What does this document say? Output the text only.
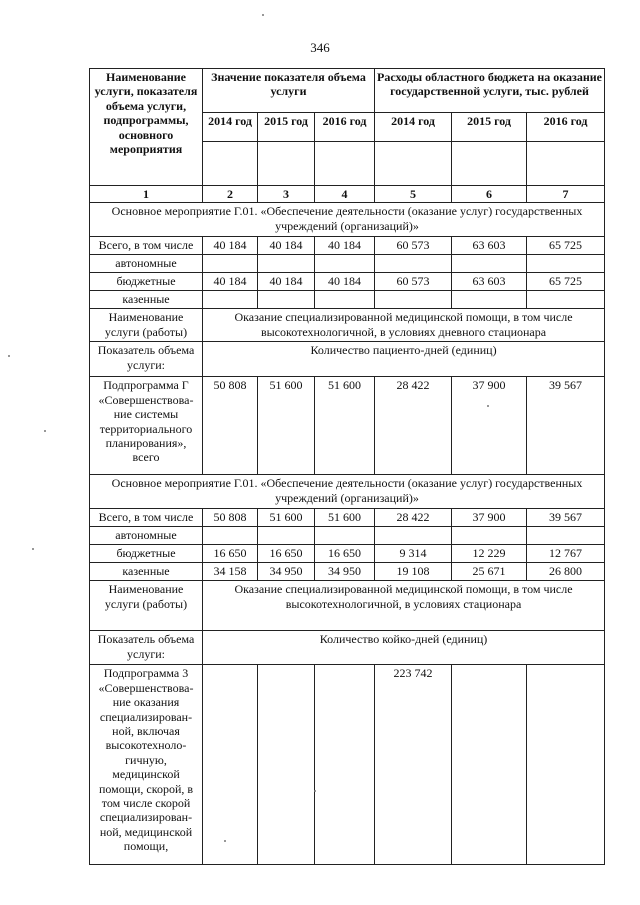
346
Наименование услуги, показателя объема услуги, подпрограммы, основного мероприятия	Значение показателя объема услуги			Расходы областного бюджета на оказание государственной услуги, тыс. рублей		
	2014 год	2015 год	2016 год	2014 год	2015 год	2016 год

1	2	3	4	5	6	7
Основное мероприятие Г.01. «Обеспечение деятельности (оказание услуг) государственных учреждений (организаций)»						
Всего, в том числе	40 184	40 184	40 184	60 573	63 603	65 725
автономные						
бюджетные	40 184	40 184	40 184	60 573	63 603	65 725
казенные						
Наименование услуги (работы)	Оказание специализированной медицинской помощи, в том числе высокотехнологичной, в условиях дневного стационара					
Показатель объема услуги:	Количество пациенто-дней (единиц)					
Подпрограмма Г «Совершенствова-ние системы территориального планирования», всего	50 808	51 600	51 600	28 422	37 900	39 567
Основное мероприятие Г.01. «Обеспечение деятельности (оказание услуг) государственных учреждений (организаций)»						
Всего, в том числе	50 808	51 600	51 600	28 422	37 900	39 567
автономные						
бюджетные	16 650	16 650	16 650	9 314	12 229	12 767
казенные	34 158	34 950	34 950	19 108	25 671	26 800
Наименование услуги (работы)	Оказание специализированной медицинской помощи, в том числе высокотехнологичной, в условиях стационара					
Показатель объема услуги:	Количество койко-дней (единиц)					
Подпрограмма 3 «Совершенствова-ние оказания специализирован-ной, включая высокотехноло-гичную, медицинской помощи, скорой, в том числе скорой специализирован-ной, медицинской помощи,				223 742		
